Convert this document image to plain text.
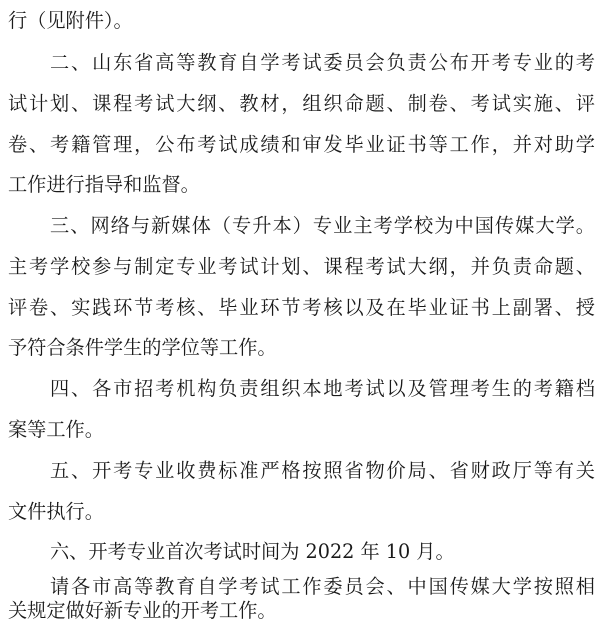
行（见附件）。
二、山东省高等教育自学考试委员会负责公布开考专业的考
试计划、课程考试大纲、教材，组织命题、制卷、考试实施、评
卷、考籍管理，公布考试成绩和审发毕业证书等工作，并对助学
工作进行指导和监督。
三、网络与新媒体（专升本）专业主考学校为中国传媒大学。
主考学校参与制定专业考试计划、课程考试大纲，并负责命题、
评卷、实践环节考核、毕业环节考核以及在毕业证书上副署、授
予符合条件学生的学位等工作。
四、各市招考机构负责组织本地考试以及管理考生的考籍档
案等工作。
五、开考专业收费标准严格按照省物价局、省财政厅等有关
文件执行。
六、开考专业首次考试时间为 2022 年 10 月。
请各市高等教育自学考试工作委员会、中国传媒大学按照相
关规定做好新专业的开考工作。
